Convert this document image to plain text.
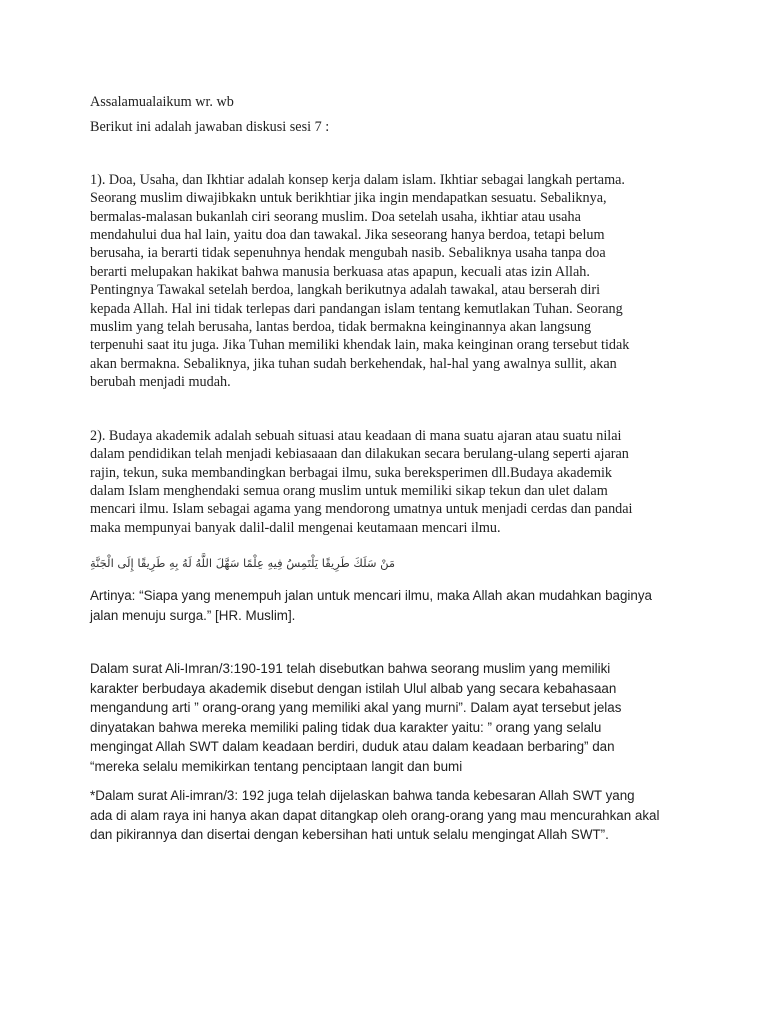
Assalamualaikum wr. wb

Berikut ini adalah jawaban diskusi sesi 7 :

1). Doa, Usaha, dan Ikhtiar adalah konsep kerja dalam islam. Ikhtiar sebagai langkah pertama.
Seorang muslim diwajibkakn untuk berikhtiar jika ingin mendapatkan sesuatu. Sebaliknya,
bermalas-malasan bukanlah ciri seorang muslim. Doa setelah usaha, ikhtiar atau usaha
mendahului dua hal lain, yaitu doa dan tawakal. Jika seseorang hanya berdoa, tetapi belum
berusaha, ia berarti tidak sepenuhnya hendak mengubah nasib. Sebaliknya usaha tanpa doa
berarti melupakan hakikat bahwa manusia berkuasa atas apapun, kecuali atas izin Allah.
Pentingnya Tawakal setelah berdoa, langkah berikutnya adalah tawakal, atau berserah diri
kepada Allah. Hal ini tidak terlepas dari pandangan islam tentang kemutlakan Tuhan. Seorang
muslim yang telah berusaha, lantas berdoa, tidak bermakna keinginannya akan langsung
terpenuhi saat itu juga. Jika Tuhan memiliki khendak lain, maka keinginan orang tersebut tidak
akan bermakna. Sebaliknya, jika tuhan sudah berkehendak, hal-hal yang awalnya sullit, akan
berubah menjadi mudah.

2). Budaya akademik adalah sebuah situasi atau keadaan di mana suatu ajaran atau suatu nilai
dalam pendidikan telah menjadi kebiasaaan dan dilakukan secara berulang-ulang seperti ajaran
rajin, tekun, suka membandingkan berbagai ilmu, suka bereksperimen dll.Budaya akademik
dalam Islam menghendaki semua orang muslim untuk memiliki sikap tekun dan ulet dalam
mencari ilmu. Islam sebagai agama yang mendorong umatnya untuk menjadi cerdas dan pandai
maka mempunyai banyak dalil-dalil mengenai keutamaan mencari ilmu.

مَنْ سَلَكَ طَرِيقًا يَلْتَمِسُ فِيهِ عِلْمًا سَهَّلَ اللَّهُ لَهُ بِهِ طَرِيقًا إِلَى الْجَنَّةِ

Artinya: “Siapa yang menempuh jalan untuk mencari ilmu, maka Allah akan mudahkan baginya
jalan menuju surga.” [HR. Muslim].

Dalam surat Ali-Imran/3:190-191 telah disebutkan bahwa seorang muslim yang memiliki
karakter berbudaya akademik disebut dengan istilah Ulul albab yang secara kebahasaan
mengandung arti ” orang-orang yang memiliki akal yang murni”. Dalam ayat tersebut jelas
dinyatakan bahwa mereka memiliki paling tidak dua karakter yaitu: ” orang yang selalu
mengingat Allah SWT dalam keadaan berdiri, duduk atau dalam keadaan berbaring” dan
“mereka selalu memikirkan tentang penciptaan langit dan bumi

*Dalam surat Ali-imran/3: 192 juga telah dijelaskan bahwa tanda kebesaran Allah SWT yang
ada di alam raya ini hanya akan dapat ditangkap oleh orang-orang yang mau mencurahkan akal
dan pikirannya dan disertai dengan kebersihan hati untuk selalu mengingat Allah SWT”.
